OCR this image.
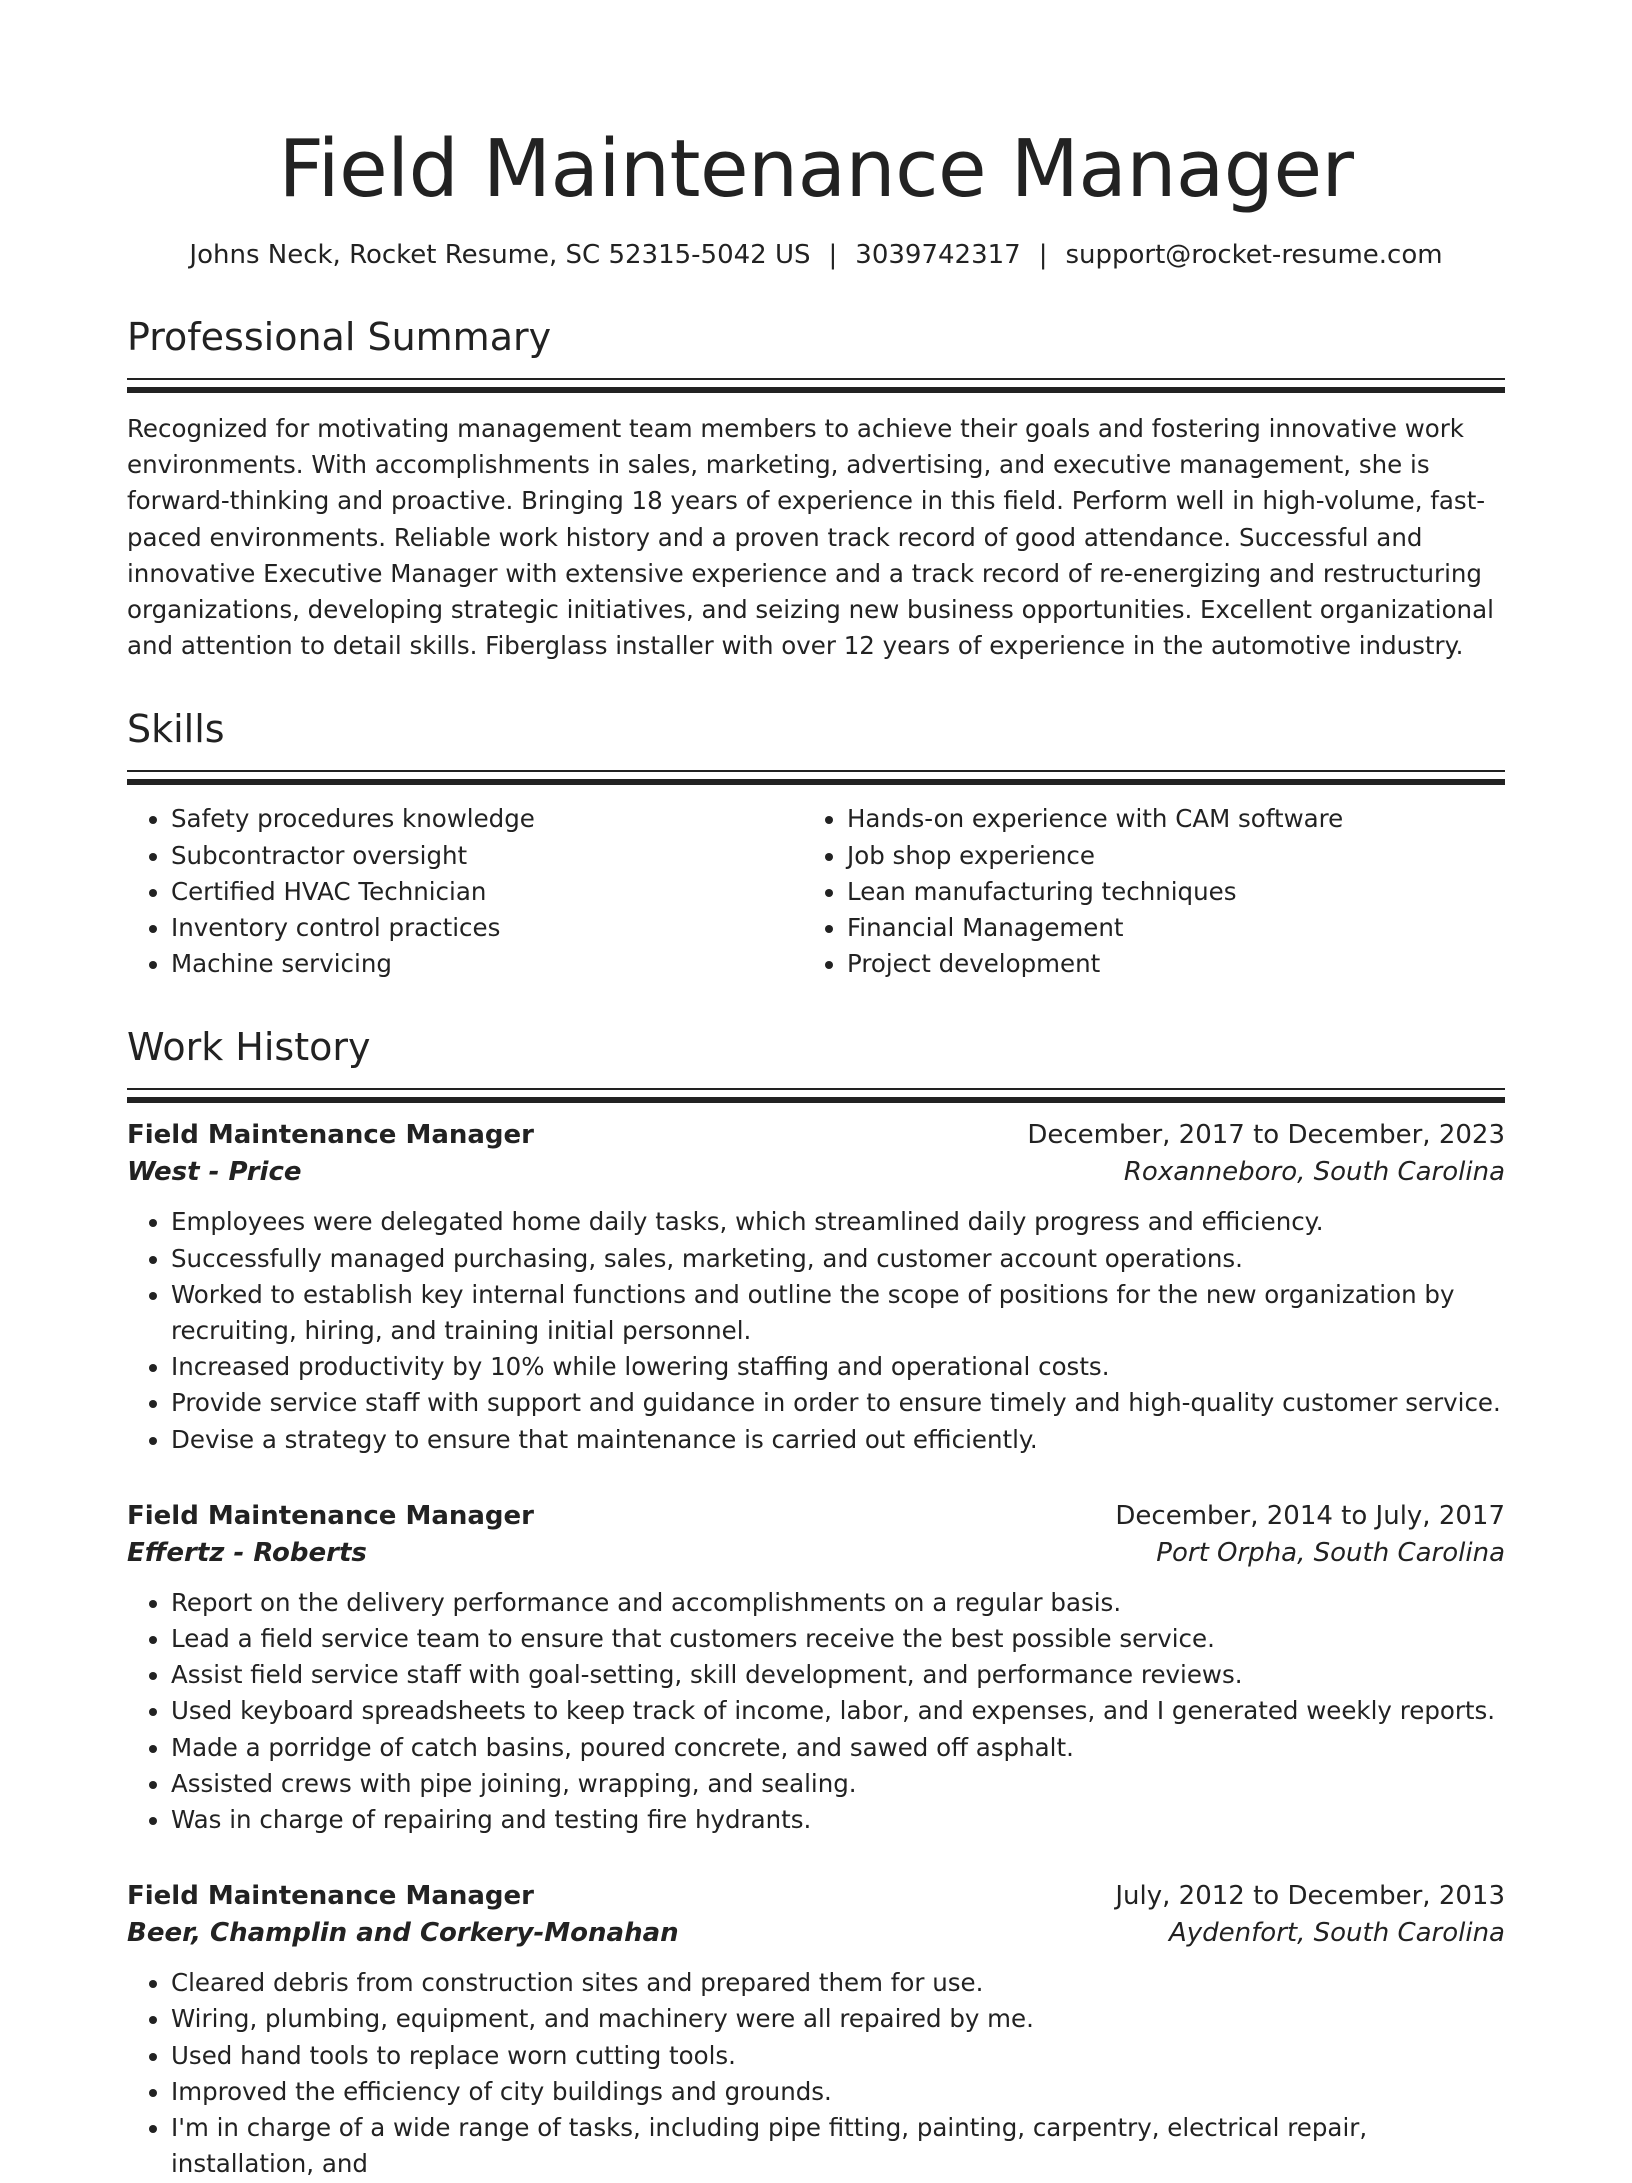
Field Maintenance Manager
Johns Neck, Rocket Resume, SC 52315-5042 US | 3039742317 | support@rocket-resume.com
Professional Summary

Recognized for motivating management team members to achieve their goals and fostering innovative work environments. With accomplishments in sales, marketing, advertising, and executive management, she is forward-thinking and proactive. Bringing 18 years of experience in this field. Perform well in high-volume, fast-paced environments. Reliable work history and a proven track record of good attendance. Successful and innovative Executive Manager with extensive experience and a track record of re-energizing and restructuring organizations, developing strategic initiatives, and seizing new business opportunities. Excellent organizational and attention to detail skills. Fiberglass installer with over 12 years of experience in the automotive industry.

Skills
• Safety procedures knowledge
• Subcontractor oversight
• Certified HVAC Technician
• Inventory control practices
• Machine servicing
• Hands-on experience with CAM software
• Job shop experience
• Lean manufacturing techniques
• Financial Management
• Project development
Work History
Field Maintenance Manager	December, 2017 to December, 2023
West - Price	Roxanneboro, South Carolina
• Employees were delegated home daily tasks, which streamlined daily progress and efficiency.
• Successfully managed purchasing, sales, marketing, and customer account operations.
• Worked to establish key internal functions and outline the scope of positions for the new organization by recruiting, hiring, and training initial personnel.
• Increased productivity by 10% while lowering staffing and operational costs.
• Provide service staff with support and guidance in order to ensure timely and high-quality customer service.
• Devise a strategy to ensure that maintenance is carried out efficiently.
Field Maintenance Manager	December, 2014 to July, 2017
Effertz - Roberts	Port Orpha, South Carolina
• Report on the delivery performance and accomplishments on a regular basis.
• Lead a field service team to ensure that customers receive the best possible service.
• Assist field service staff with goal-setting, skill development, and performance reviews.
• Used keyboard spreadsheets to keep track of income, labor, and expenses, and I generated weekly reports.
• Made a porridge of catch basins, poured concrete, and sawed off asphalt.
• Assisted crews with pipe joining, wrapping, and sealing.
• Was in charge of repairing and testing fire hydrants.
Field Maintenance Manager	July, 2012 to December, 2013
Beer, Champlin and Corkery-Monahan	Aydenfort, South Carolina
• Cleared debris from construction sites and prepared them for use.
• Wiring, plumbing, equipment, and machinery were all repaired by me.
• Used hand tools to replace worn cutting tools.
• Improved the efficiency of city buildings and grounds.
• I'm in charge of a wide range of tasks, including pipe fitting, painting, carpentry, electrical repair, installation, and
